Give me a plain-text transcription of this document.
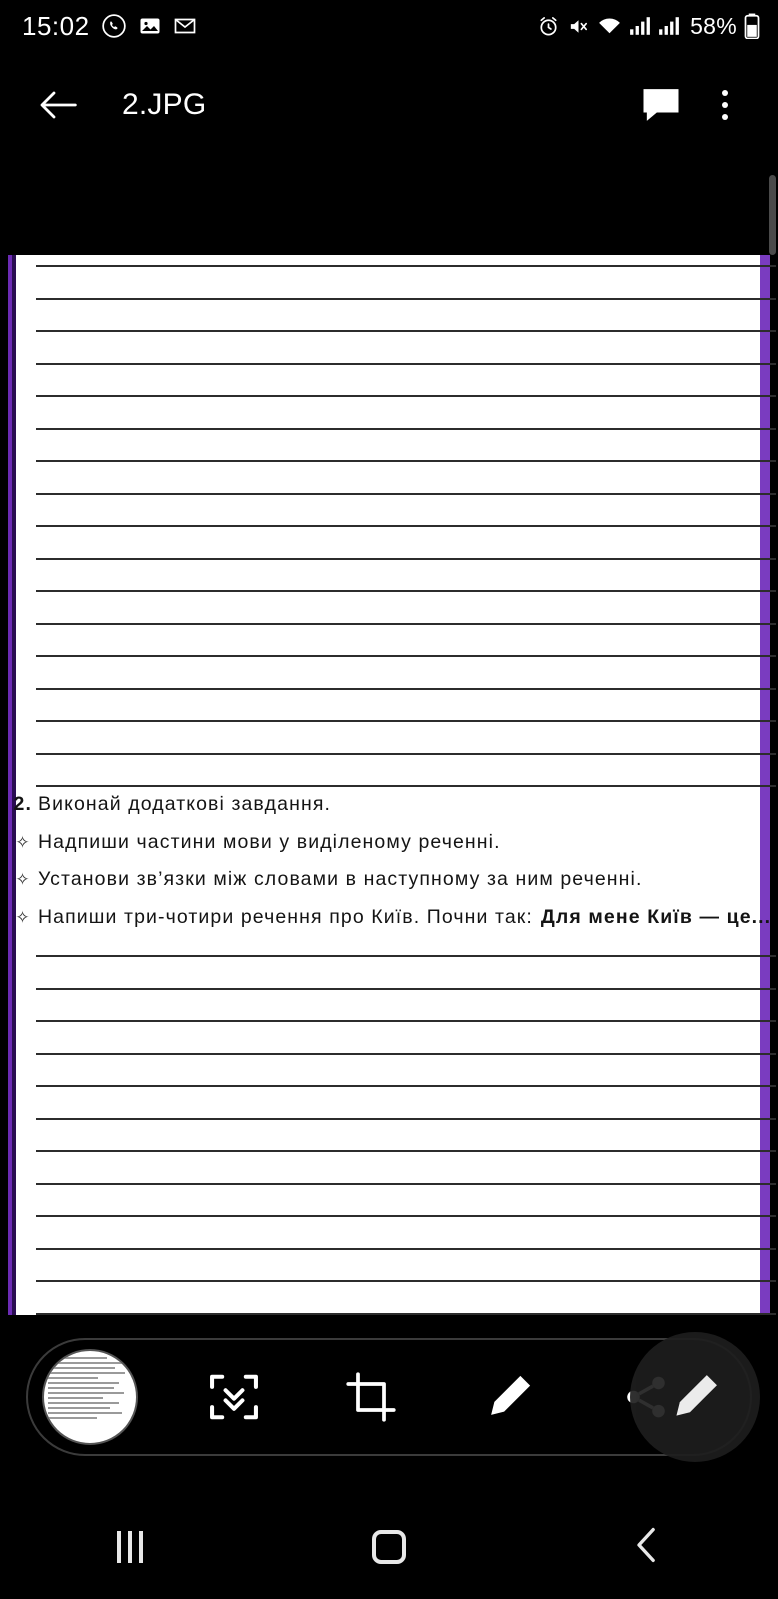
15:02	58%
2.JPG
2. Виконай додаткові завдання.
✧ Надпиши частини мови у виділеному реченні.
✧ Установи зв’язки між словами в наступному за ним реченні.
✧ Напиши три-чотири речення про Київ. Почни так: Для мене Київ — це...
